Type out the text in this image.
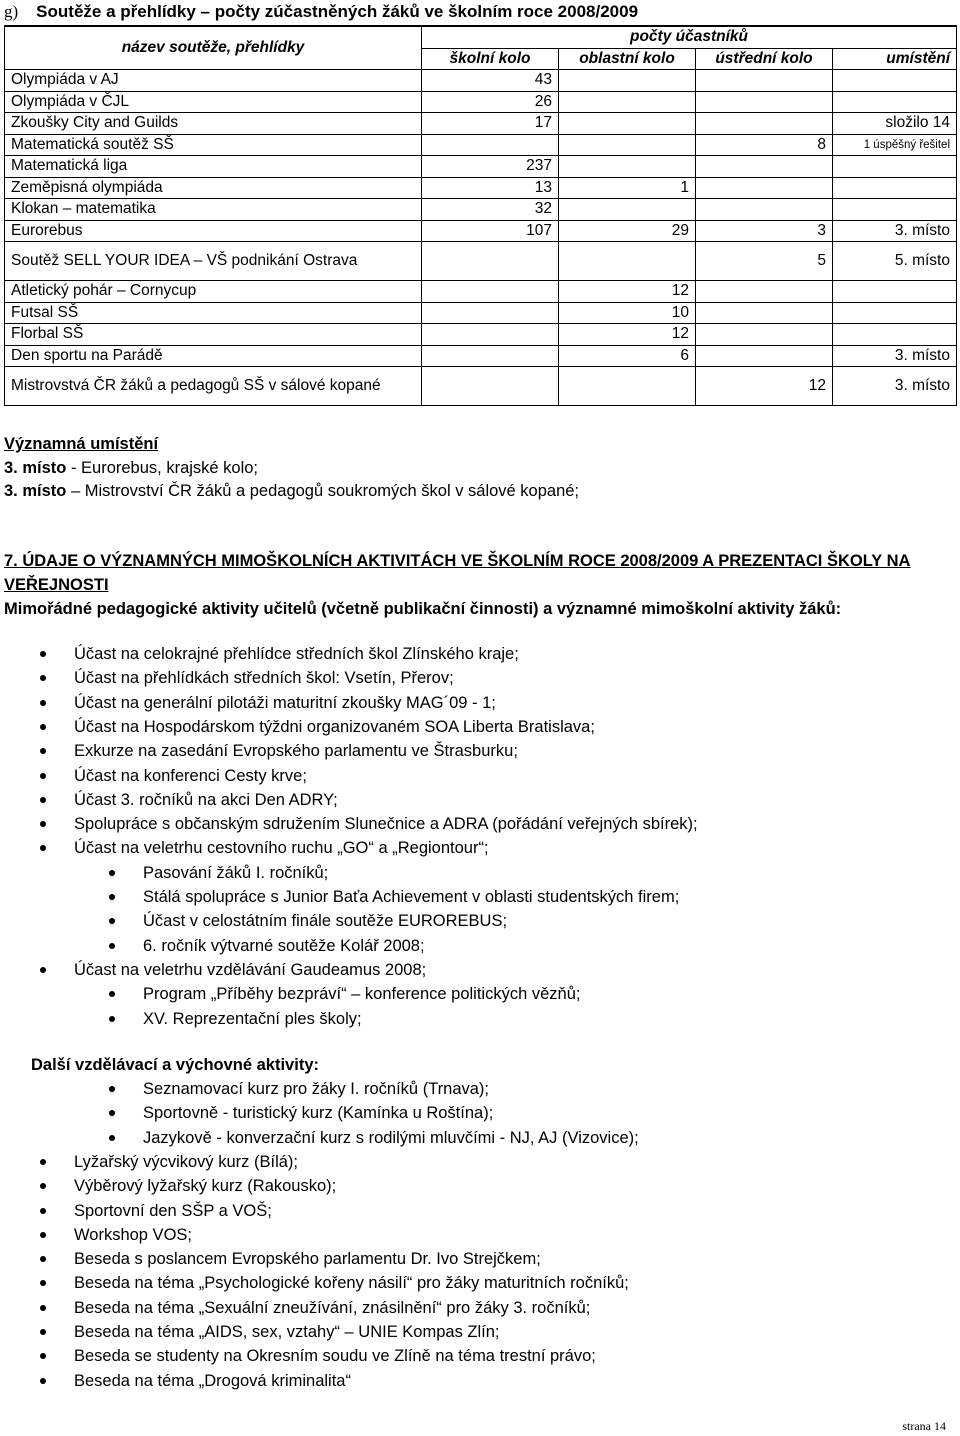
g) Soutěže a přehlídky – počty zúčastněných žáků ve školním roce 2008/2009
název soutěže, přehlídky	počty účastníků			
	školní kolo	oblastní kolo	ústřední kolo	umístění
Olympiáda v AJ	43			
Olympiáda v ČJL	26			
Zkoušky City and Guilds	17			složilo 14
Matematická soutěž SŠ			8	1 úspěšný řešitel
Matematická liga	237			
Zeměpisná olympiáda	13	1		
Klokan – matematika	32			
Eurorebus	107	29	3	3. místo
Soutěž SELL YOUR IDEA – VŠ podnikání Ostrava			5	5. místo
Atletický pohár – Cornycup		12		
Futsal SŠ		10		
Florbal SŠ		12		
Den sportu na Parádě		6		3. místo
Mistrovstvá ČR žáků a pedagogů SŠ v sálové kopané			12	3. místo
Významná umístění
3. místo - Eurorebus, krajské kolo;
3. místo – Mistrovství ČR žáků a pedagogů soukromých škol v sálové kopané;
7. ÚDAJE O VÝZNAMNÝCH MIMOŠKOLNÍCH AKTIVITÁCH VE ŠKOLNÍM ROCE 2008/2009 A PREZENTACI ŠKOLY NA VEŘEJNOSTI
Mimořádné pedagogické aktivity učitelů (včetně publikační činnosti) a významné mimoškolní aktivity žáků:
Účast na celokrajné přehlídce středních škol Zlínského kraje;
Účast na přehlídkách středních škol: Vsetín, Přerov;
Účast na generální pilotáži maturitní zkoušky MAG´09 - 1;
Účast na Hospodárskom týždni organizovaném SOA Liberta Bratislava;
Exkurze na zasedání Evropského parlamentu ve Štrasburku;
Účast na konferenci Cesty krve;
Účast 3. ročníků na akci Den ADRY;
Spolupráce s občanským sdružením Slunečnice a ADRA (pořádání veřejných sbírek);
Účast na veletrhu cestovního ruchu „GO“ a „Regiontour“;
Pasování žáků I. ročníků;
Stálá spolupráce s Junior Baťa Achievement v oblasti studentských firem;
Účast v celostátním finále soutěže EUROREBUS;
6. ročník výtvarné soutěže Kolář 2008;
Účast na veletrhu vzdělávání Gaudeamus 2008;
Program „Příběhy bezpráví“ – konference politických vězňů;
XV. Reprezentační ples školy;
Další vzdělávací a výchovné aktivity:
Seznamovací kurz pro žáky I. ročníků (Trnava);
Sportovně - turistický kurz (Kamínka u Roštína);
Jazykově - konverzační kurz s rodilými mluvčími - NJ, AJ (Vizovice);
Lyžařský výcvikový kurz (Bílá);
Výběrový lyžařský kurz (Rakousko);
Sportovní den SŠP a VOŠ;
Workshop VOS;
Beseda s poslancem Evropského parlamentu Dr. Ivo Strejčkem;
Beseda na téma „Psychologické kořeny násilí“ pro žáky maturitních ročníků;
Beseda na téma „Sexuální zneužívání, znásilnění“ pro žáky 3. ročníků;
Beseda na téma „AIDS, sex, vztahy“ – UNIE Kompas Zlín;
Beseda se studenty na Okresním soudu ve Zlíně na téma trestní právo;
Beseda na téma „Drogová kriminalita“
strana 14
